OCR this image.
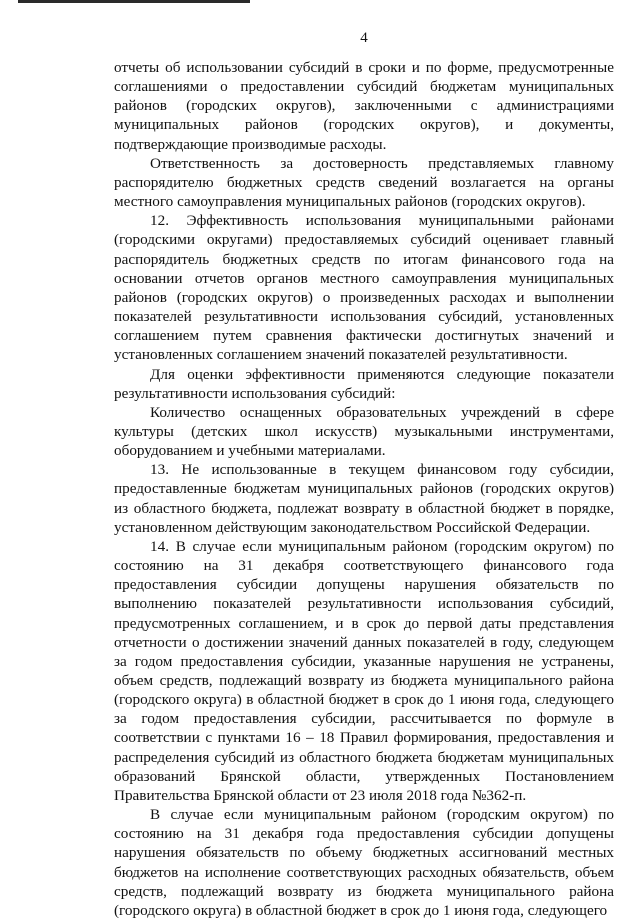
4

отчеты об использовании субсидий в сроки и по форме, предусмотренные соглашениями о предоставлении субсидий бюджетам муниципальных районов (городских округов), заключенными с администрациями муниципальных районов (городских округов), и документы, подтверждающие производимые расходы.

Ответственность за достоверность представляемых главному распорядителю бюджетных средств сведений возлагается на органы местного самоуправления муниципальных районов (городских округов).

12. Эффективность использования муниципальными районами (городскими округами) предоставляемых субсидий оценивает главный распорядитель бюджетных средств по итогам финансового года на основании отчетов органов местного самоуправления муниципальных районов (городских округов) о произведенных расходах и выполнении показателей результативности использования субсидий, установленных соглашением путем сравнения фактически достигнутых значений и установленных соглашением значений показателей результативности.

Для оценки эффективности применяются следующие показатели результативности использования субсидий:

Количество оснащенных образовательных учреждений в сфере культуры (детских школ искусств) музыкальными инструментами, оборудованием и учебными материалами.

13. Не использованные в текущем финансовом году субсидии, предоставленные бюджетам муниципальных районов (городских округов) из областного бюджета, подлежат возврату в областной бюджет в порядке, установленном действующим законодательством Российской Федерации.

14. В случае если муниципальным районом (городским округом) по состоянию на 31 декабря соответствующего финансового года предоставления субсидии допущены нарушения обязательств по выполнению показателей результативности использования субсидий, предусмотренных соглашением, и в срок до первой даты представления отчетности о достижении значений данных показателей в году, следующем за годом предоставления субсидии, указанные нарушения не устранены, объем средств, подлежащий возврату из бюджета муниципального района (городского округа) в областной бюджет в срок до 1 июня года, следующего за годом предоставления субсидии, рассчитывается по формуле в соответствии с пунктами 16 – 18 Правил формирования, предоставления и распределения субсидий из областного бюджета бюджетам муниципальных образований Брянской области, утвержденных Постановлением Правительства Брянской области от 23 июля 2018 года №362-п.

В случае если муниципальным районом (городским округом) по состоянию на 31 декабря года предоставления субсидии допущены нарушения обязательств по объему бюджетных ассигнований местных бюджетов на исполнение соответствующих расходных обязательств, объем средств, подлежащий возврату из бюджета муниципального района (городского округа) в областной бюджет в срок до 1 июня года, следующего
